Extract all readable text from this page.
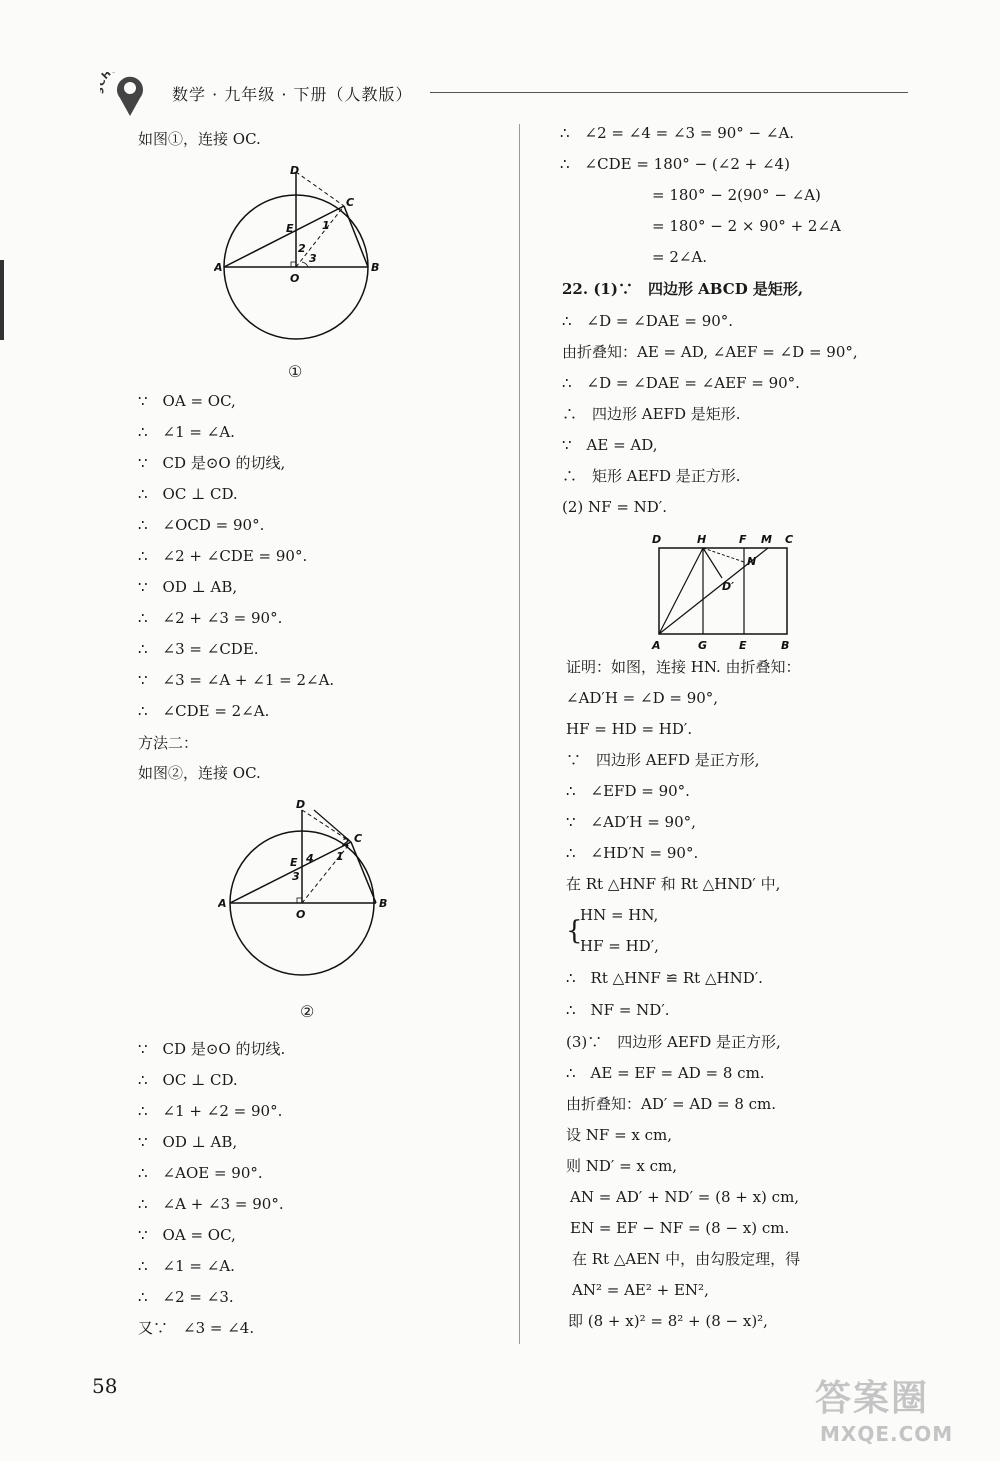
H
数学 · 九年级 · 下册（人教版）
如图①，连接 OC.
D
C
E
A
O
B
1
2
3
①
∵　OA = OC,
∴　∠1 = ∠A.
∵　CD 是⊙O 的切线,
∴　OC ⊥ CD.
∴　∠OCD = 90°.
∴　∠2 + ∠CDE = 90°.
∵　OD ⊥ AB,
∴　∠2 + ∠3 = 90°.
∴　∠3 = ∠CDE.
∵　∠3 = ∠A + ∠1 = 2∠A.
∴　∠CDE = 2∠A.
方法二：
如图②，连接 OC.
D
C
E
A
O
B
1
2
3
4
②
∵　CD 是⊙O 的切线.
∴　OC ⊥ CD.
∴　∠1 + ∠2 = 90°.
∵　OD ⊥ AB,
∴　∠AOE = 90°.
∴　∠A + ∠3 = 90°.
∵　OA = OC,
∴　∠1 = ∠A.
∴　∠2 = ∠3.
又∵　∠3 = ∠4.
∴　∠2 = ∠4 = ∠3 = 90° − ∠A.
∴　∠CDE = 180° − (∠2 + ∠4)
= 180° − 2(90° − ∠A)
= 180° − 2 × 90° + 2∠A
= 2∠A.
22. (1)∵　四边形 ABCD 是矩形,
∴　∠D = ∠DAE = 90°.
由折叠知：AE = AD, ∠AEF = ∠D = 90°,
∴　∠D = ∠DAE = ∠AEF = 90°.
∴　四边形 AEFD 是矩形.
∵　AE = AD,
∴　矩形 AEFD 是正方形.
(2) NF = ND′.
D	H	F M C
N
D′
A	G	E	B
证明：如图，连接 HN. 由折叠知：
∠AD′H = ∠D = 90°,
HF = HD = HD′.
∵　四边形 AEFD 是正方形,
∴　∠EFD = 90°.
∵　∠AD′H = 90°,
∴　∠HD′N = 90°.
在 Rt △HNF 和 Rt △HND′ 中,
{
HN = HN,
HF = HD′,
∴　Rt △HNF ≌ Rt △HND′.
∴　NF = ND′.
(3)∵　四边形 AEFD 是正方形,
∴　AE = EF = AD = 8 cm.
由折叠知：AD′ = AD = 8 cm.
设 NF = x cm,
则 ND′ = x cm,
AN = AD′ + ND′ = (8 + x) cm,
EN = EF − NF = (8 − x) cm.
在 Rt △AEN 中，由勾股定理，得
AN² = AE² + EN²,
即 (8 + x)² = 8² + (8 − x)²,
58	答案圈
MXQE.COM
